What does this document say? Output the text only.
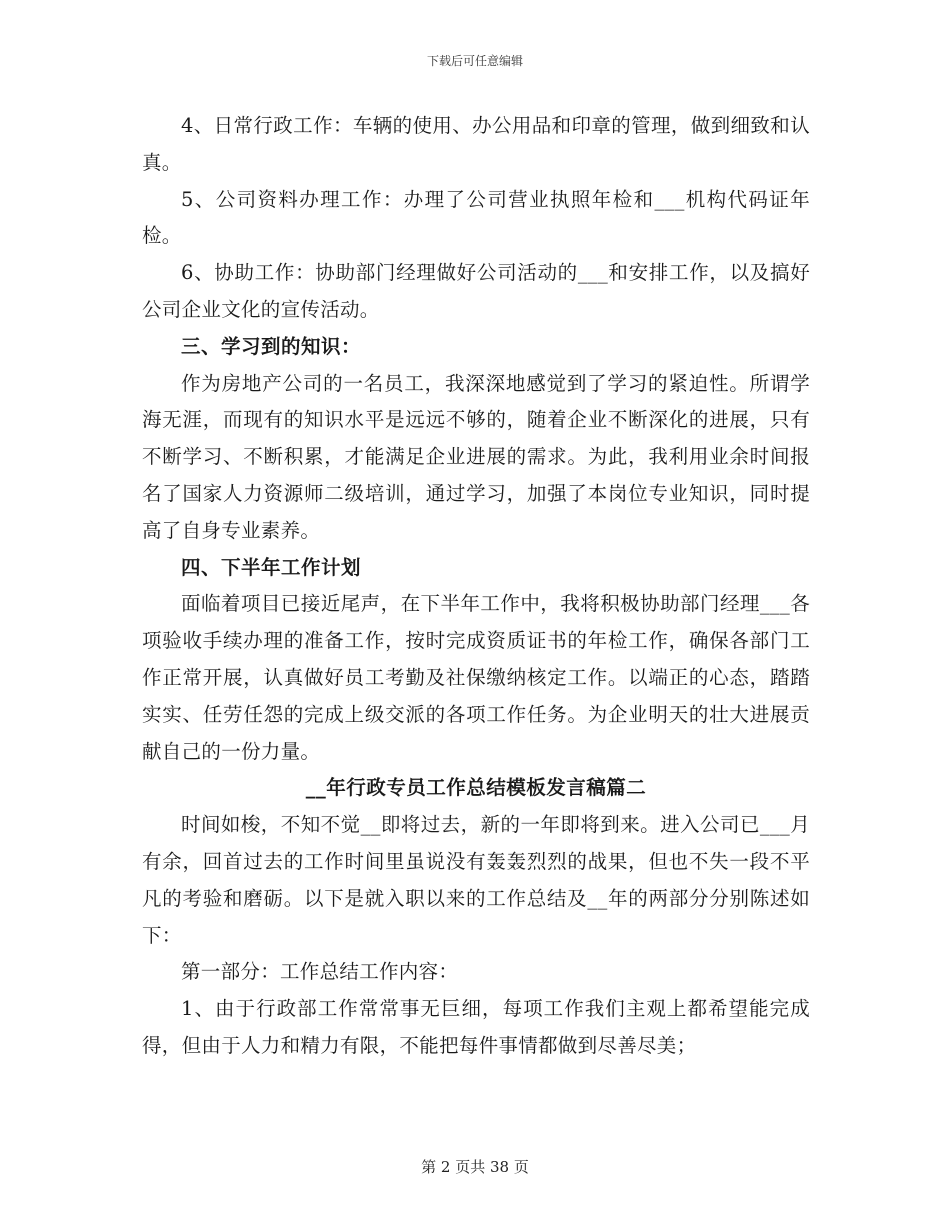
下载后可任意编辑

4、日常行政工作：车辆的使用、办公用品和印章的管理，做到细致和认真。

5、公司资料办理工作：办理了公司营业执照年检和___机构代码证年检。

6、协助工作：协助部门经理做好公司活动的___和安排工作，以及搞好公司企业文化的宣传活动。

三、学习到的知识：

作为房地产公司的一名员工，我深深地感觉到了学习的紧迫性。所谓学海无涯，而现有的知识水平是远远不够的，随着企业不断深化的进展，只有不断学习、不断积累，才能满足企业进展的需求。为此，我利用业余时间报名了国家人力资源师二级培训，通过学习，加强了本岗位专业知识，同时提高了自身专业素养。

四、下半年工作计划

面临着项目已接近尾声，在下半年工作中，我将积极协助部门经理___各项验收手续办理的准备工作，按时完成资质证书的年检工作，确保各部门工作正常开展，认真做好员工考勤及社保缴纳核定工作。以端正的心态，踏踏实实、任劳任怨的完成上级交派的各项工作任务。为企业明天的壮大进展贡献自己的一份力量。

__年行政专员工作总结模板发言稿篇二

时间如梭，不知不觉__即将过去，新的一年即将到来。进入公司已___月有余，回首过去的工作时间里虽说没有轰轰烈烈的战果，但也不失一段不平凡的考验和磨砺。以下是就入职以来的工作总结及__年的两部分分别陈述如下：

第一部分：工作总结工作内容：

1、由于行政部工作常常事无巨细，每项工作我们主观上都希望能完成得，但由于人力和精力有限，不能把每件事情都做到尽善尽美；

第 2 页共 38 页
